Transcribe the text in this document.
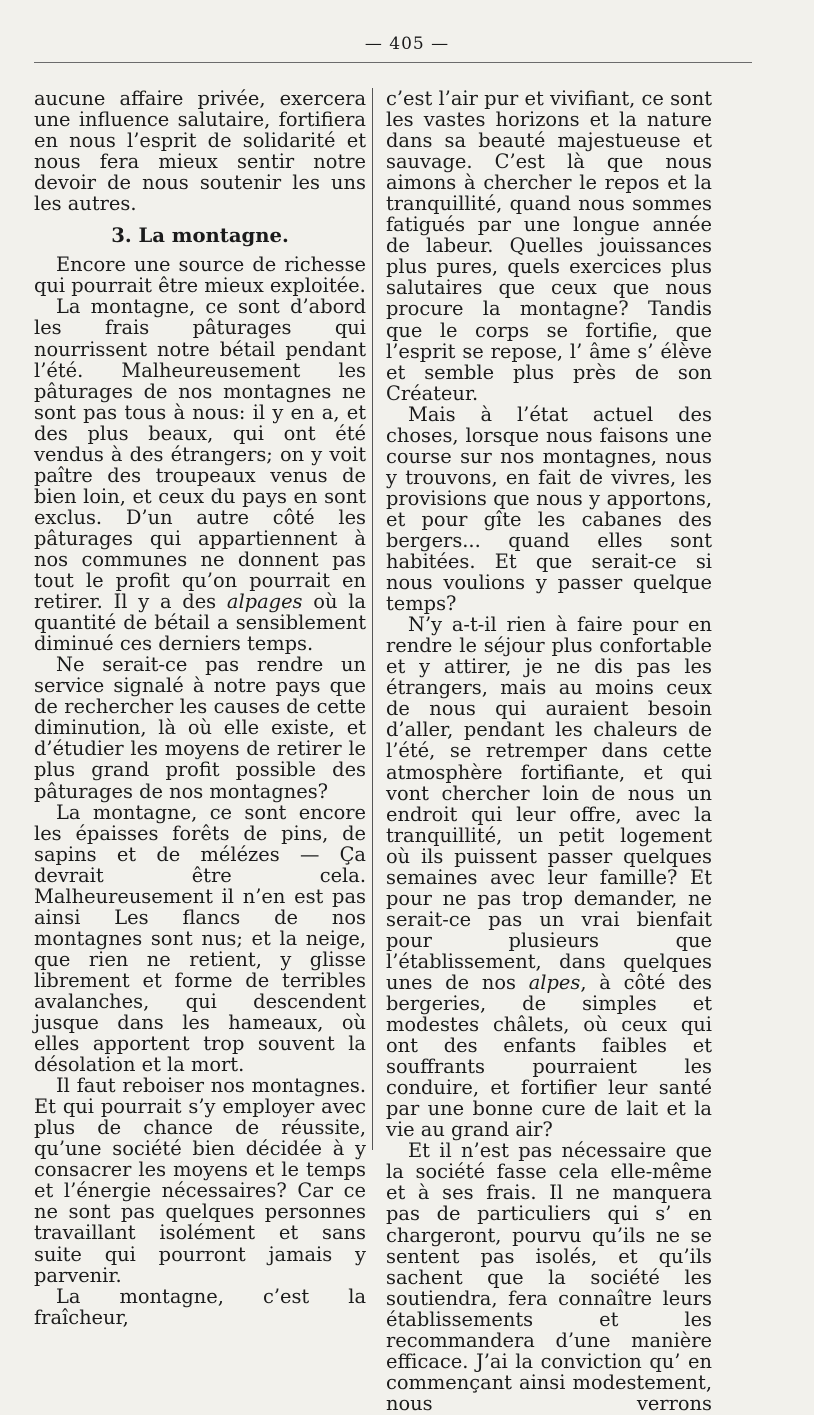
— 405 —

aucune affaire privée, exercera une influence salutaire, fortifiera en nous l’esprit de solidarité et nous fera mieux sentir notre devoir de nous soutenir les uns les autres.

3. La montagne.

Encore une source de richesse qui pourrait être mieux exploitée.

La montagne, ce sont d’abord les frais pâturages qui nourrissent notre bétail pendant l’été. Malheureusement les pâturages de nos montagnes ne sont pas tous à nous: il y en a, et des plus beaux, qui ont été vendus à des étrangers; on y voit paître des troupeaux venus de bien loin, et ceux du pays en sont exclus. D’un autre côté les pâturages qui appartiennent à nos communes ne donnent pas tout le profit qu’on pourrait en retirer. Il y a des alpages où la quantité de bétail a sensiblement diminué ces derniers temps.

Ne serait-ce pas rendre un service signalé à notre pays que de rechercher les causes de cette diminution, là où elle existe, et d’étudier les moyens de retirer le plus grand profit possible des pâturages de nos montagnes?

La montagne, ce sont encore les épaisses forêts de pins, de sapins et de mélézes — Ça devrait être cela. Malheureusement il n’en est pas ainsi Les flancs de nos montagnes sont nus; et la neige, que rien ne retient, y glisse librement et forme de terribles avalanches, qui descendent jusque dans les hameaux, où elles apportent trop souvent la désolation et la mort.

Il faut reboiser nos montagnes. Et qui pourrait s’y employer avec plus de chance de réussite, qu’une société bien décidée à y consacrer les moyens et le temps et l’énergie nécessaires? Car ce ne sont pas quelques personnes travaillant isolément et sans suite qui pourront jamais y parvenir.

La montagne, c’est la fraîcheur,

c’est l’air pur et vivifiant, ce sont les vastes horizons et la nature dans sa beauté majestueuse et sauvage. C’est là que nous aimons à chercher le repos et la tranquillité, quand nous sommes fatigués par une longue année de labeur. Quelles jouissances plus pures, quels exercices plus salutaires que ceux que nous procure la montagne? Tandis que le corps se fortifie, que l’esprit se repose, l’ âme s’ élève et semble plus près de son Créateur.

Mais à l’état actuel des choses, lorsque nous faisons une course sur nos montagnes, nous y trouvons, en fait de vivres, les provisions que nous y apportons, et pour gîte les cabanes des bergers... quand elles sont habitées. Et que serait-ce si nous voulions y passer quelque temps?

N’y a-t-il rien à faire pour en rendre le séjour plus confortable et y attirer, je ne dis pas les étrangers, mais au moins ceux de nous qui auraient besoin d’aller, pendant les chaleurs de l’été, se retremper dans cette atmosphère fortifiante, et qui vont chercher loin de nous un endroit qui leur offre, avec la tranquillité, un petit logement où ils puissent passer quelques semaines avec leur famille? Et pour ne pas trop demander, ne serait-ce pas un vrai bienfait pour plusieurs que l’établissement, dans quelques unes de nos alpes, à côté des bergeries, de simples et modestes châlets, où ceux qui ont des enfants faibles et souffrants pourraient les conduire, et fortifier leur santé par une bonne cure de lait et la vie au grand air?

Et il n’est pas nécessaire que la société fasse cela elle-même et à ses frais. Il ne manquera pas de particuliers qui s’ en chargeront, pourvu qu’ils ne se sentent pas isolés, et qu’ils sachent que la société les soutiendra, fera connaître leurs établissements et les recommandera d’une manière efficace. J’ai la conviction qu’ en commençant ainsi modestement, nous verrons
